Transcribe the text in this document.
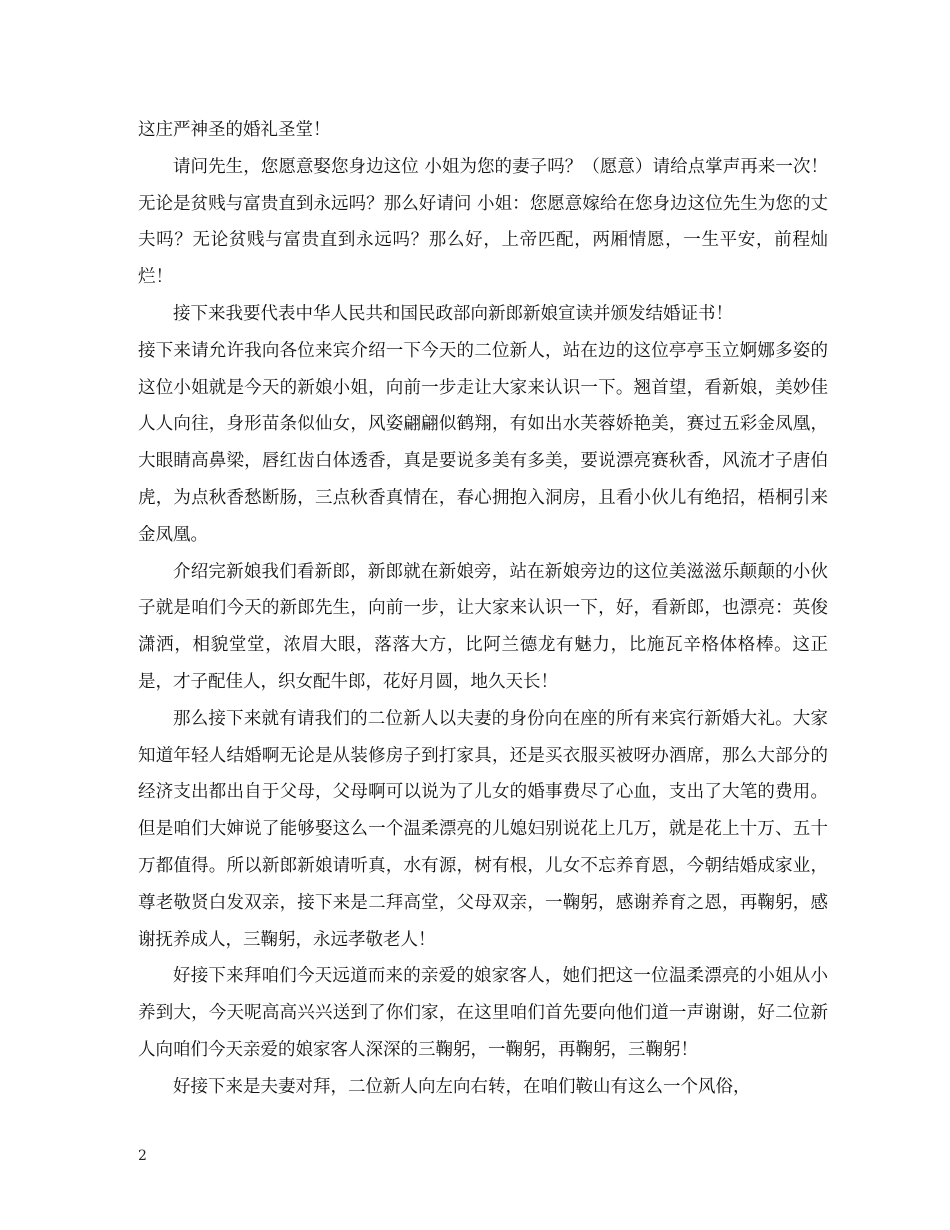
这庄严神圣的婚礼圣堂！

请问先生，您愿意娶您身边这位 小姐为您的妻子吗？（愿意）请给点掌声再来一次！无论是贫贱与富贵直到永远吗？那么好请问 小姐：您愿意嫁给在您身边这位先生为您的丈夫吗？无论贫贱与富贵直到永远吗？那么好，上帝匹配，两厢情愿，一生平安，前程灿烂！

接下来我要代表中华人民共和国民政部向新郎新娘宣读并颁发结婚证书！

接下来请允许我向各位来宾介绍一下今天的二位新人，站在边的这位亭亭玉立婀娜多姿的这位小姐就是今天的新娘小姐，向前一步走让大家来认识一下。翘首望，看新娘，美妙佳人人向往，身形苗条似仙女，风姿翩翩似鹤翔，有如出水芙蓉娇艳美，赛过五彩金凤凰，大眼睛高鼻梁，唇红齿白体透香，真是要说多美有多美，要说漂亮赛秋香，风流才子唐伯虎，为点秋香愁断肠，三点秋香真情在，春心拥抱入洞房，且看小伙儿有绝招，梧桐引来金凤凰。

介绍完新娘我们看新郎，新郎就在新娘旁，站在新娘旁边的这位美滋滋乐颠颠的小伙子就是咱们今天的新郎先生，向前一步，让大家来认识一下，好，看新郎，也漂亮：英俊潇洒，相貌堂堂，浓眉大眼，落落大方，比阿兰德龙有魅力，比施瓦辛格体格棒。这正是，才子配佳人，织女配牛郎，花好月圆，地久天长！

那么接下来就有请我们的二位新人以夫妻的身份向在座的所有来宾行新婚大礼。大家知道年轻人结婚啊无论是从装修房子到打家具，还是买衣服买被呀办酒席，那么大部分的经济支出都出自于父母，父母啊可以说为了儿女的婚事费尽了心血，支出了大笔的费用。但是咱们大婶说了能够娶这么一个温柔漂亮的儿媳妇别说花上几万，就是花上十万、五十万都值得。所以新郎新娘请听真，水有源，树有根，儿女不忘养育恩，今朝结婚成家业，尊老敬贤白发双亲，接下来是二拜高堂，父母双亲，一鞠躬，感谢养育之恩，再鞠躬，感谢抚养成人，三鞠躬，永远孝敬老人！

好接下来拜咱们今天远道而来的亲爱的娘家客人，她们把这一位温柔漂亮的小姐从小养到大，今天呢高高兴兴送到了你们家，在这里咱们首先要向他们道一声谢谢，好二位新人向咱们今天亲爱的娘家客人深深的三鞠躬，一鞠躬，再鞠躬，三鞠躬！

好接下来是夫妻对拜，二位新人向左向右转，在咱们鞍山有这么一个风俗，

2
